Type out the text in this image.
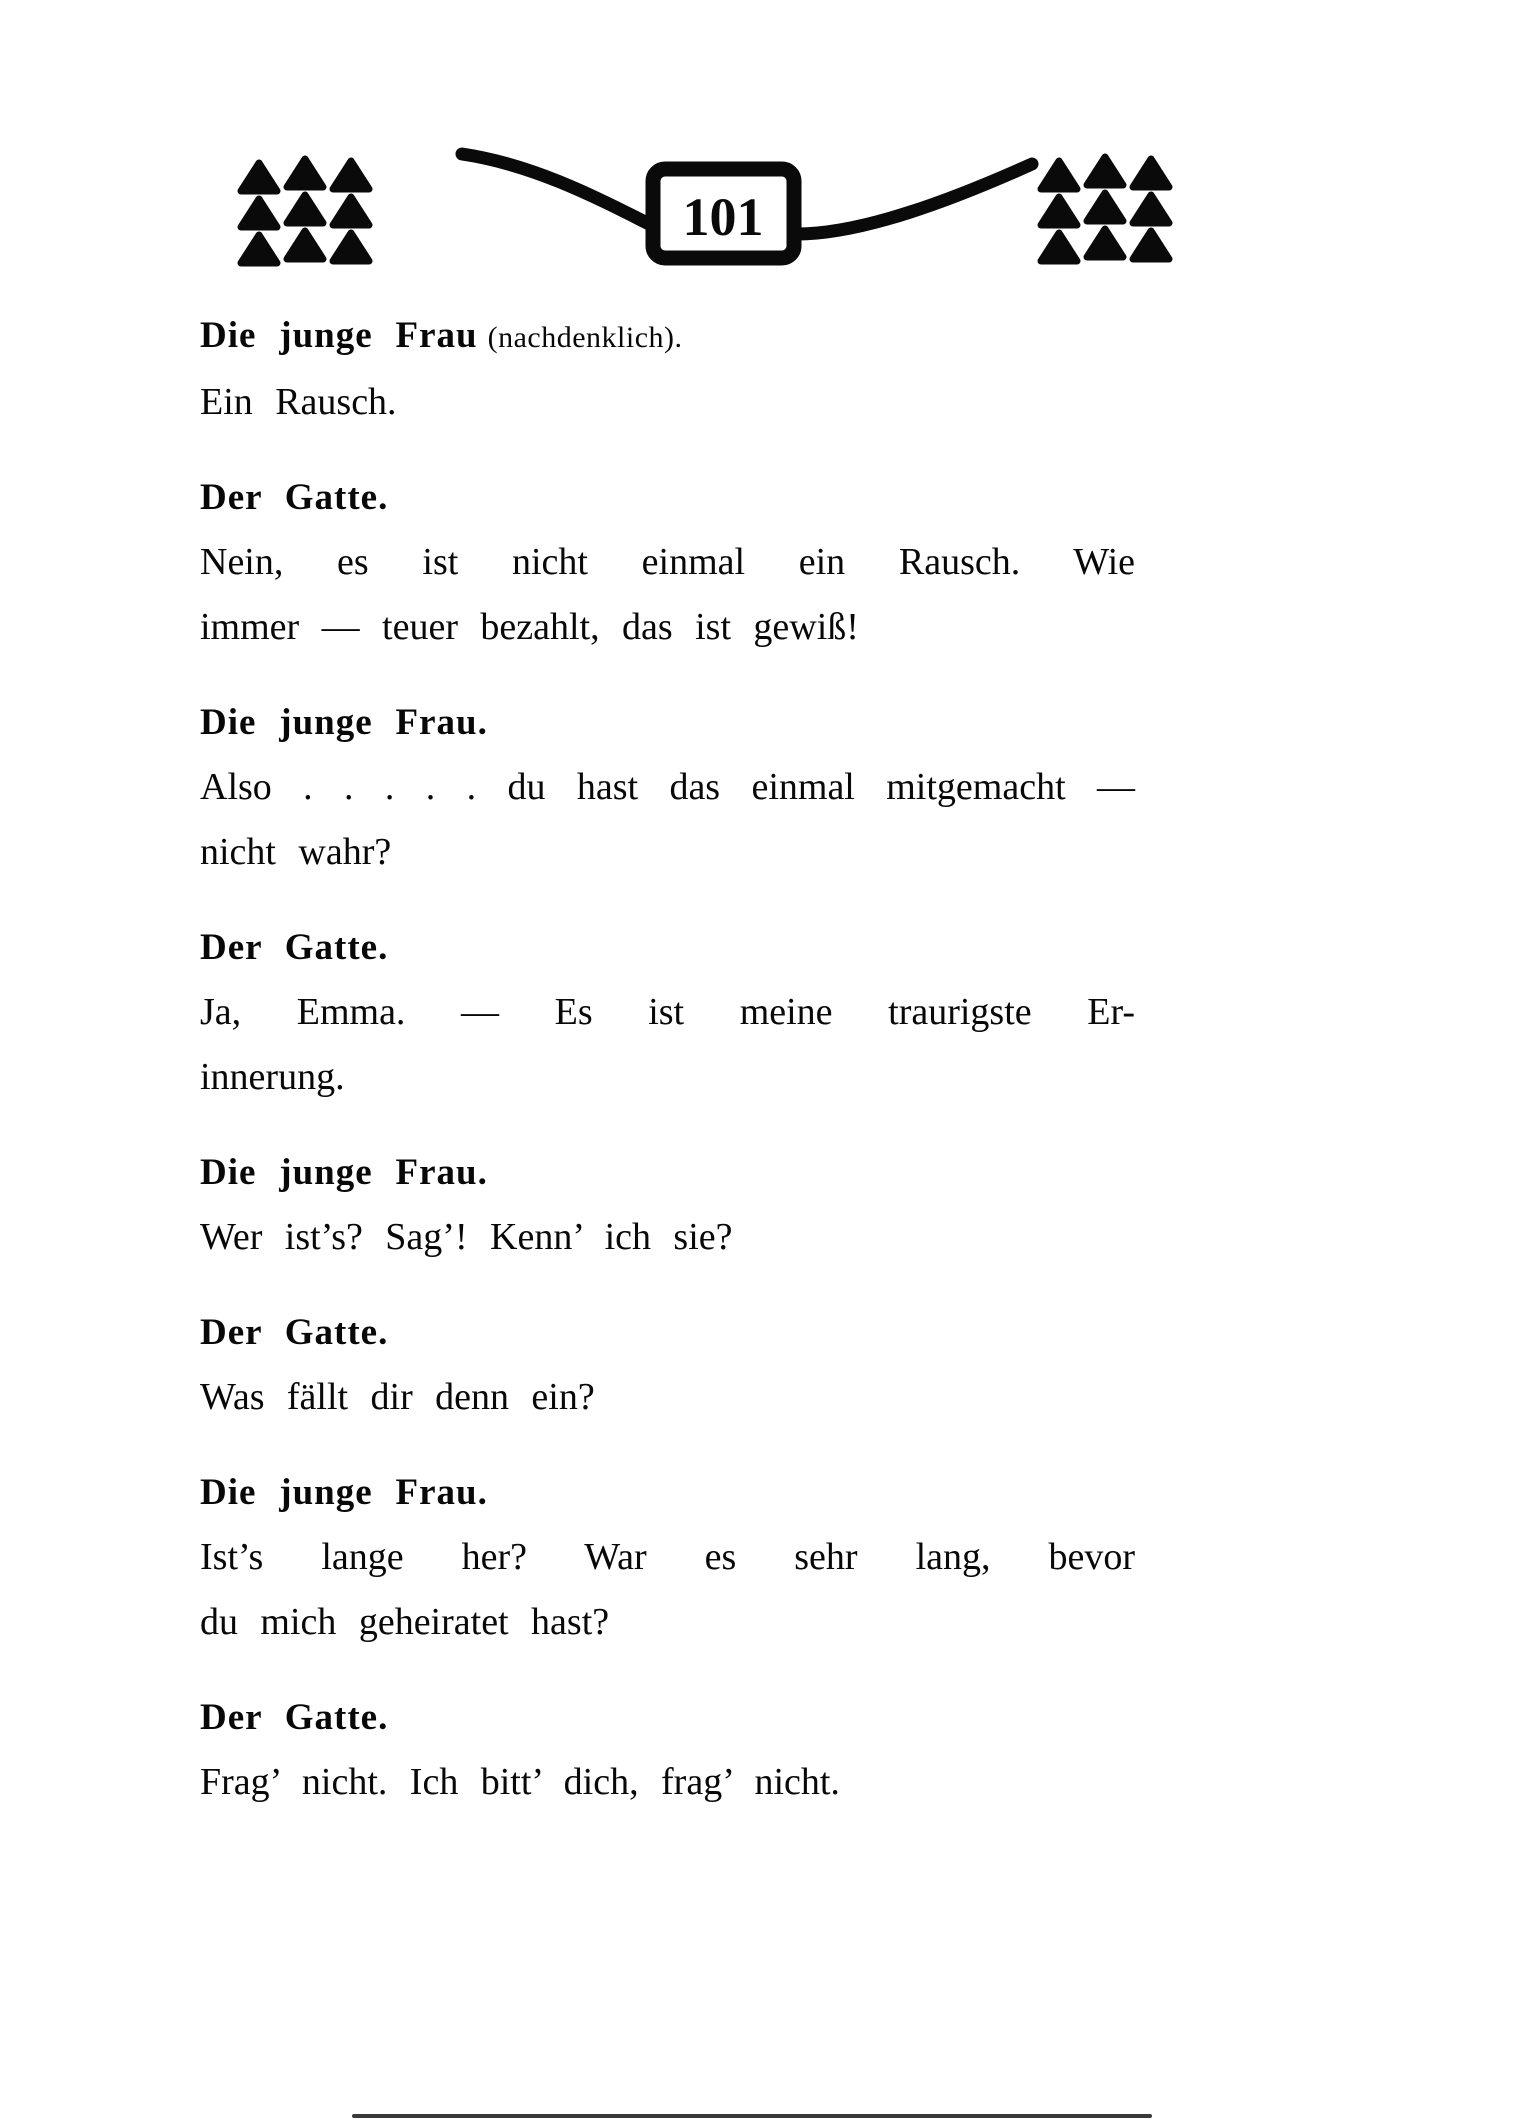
101

Die junge Frau (nachdenklich).

Ein Rausch.

Der Gatte.

Nein, es ist nicht einmal ein Rausch. Wie

immer — teuer bezahlt, das ist gewiß!

Die junge Frau.

Also . . . . . du hast das einmal mitgemacht —

nicht wahr?

Der Gatte.

Ja, Emma. — Es ist meine traurigste Er-

innerung.

Die junge Frau.

Wer ist’s? Sag’! Kenn’ ich sie?

Der Gatte.

Was fällt dir denn ein?

Die junge Frau.

Ist’s lange her? War es sehr lang, bevor

du mich geheiratet hast?

Der Gatte.

Frag’ nicht. Ich bitt’ dich, frag’ nicht.
